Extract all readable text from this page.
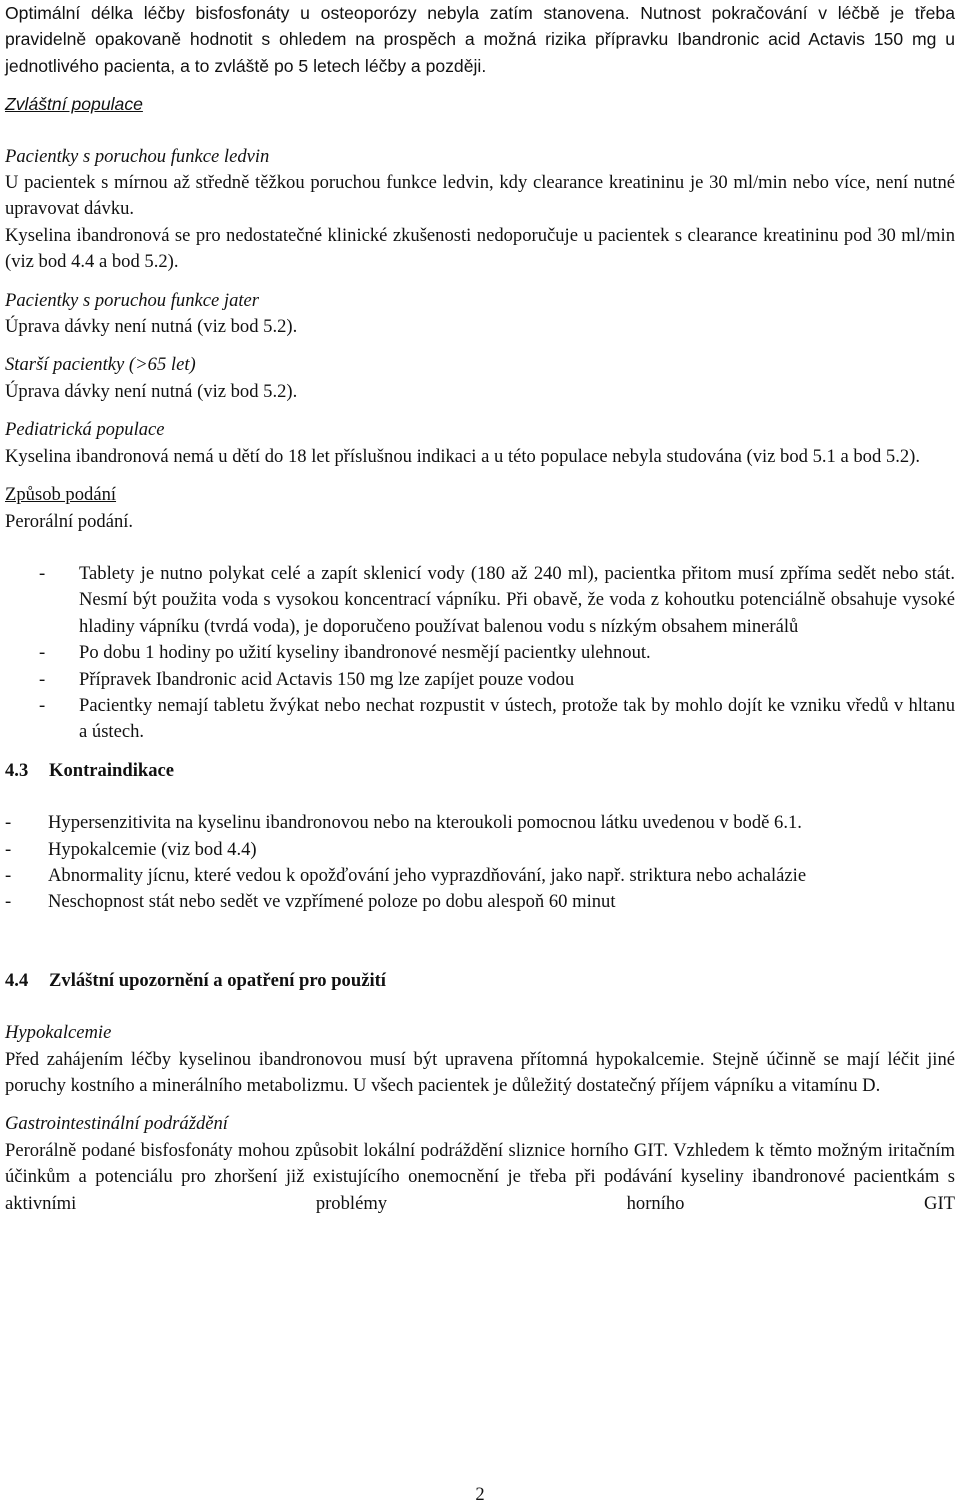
Optimální délka léčby bisfosfonáty u osteoporózy nebyla zatím stanovena. Nutnost pokračování v léčbě je třeba pravidelně opakovaně hodnotit s ohledem na prospěch a možná rizika přípravku Ibandronic acid Actavis 150 mg u jednotlivého pacienta, a to zvláště po 5 letech léčby a později.

Zvláštní populace

Pacientky s poruchou funkce ledvin

U pacientek s mírnou až středně těžkou poruchou funkce ledvin, kdy clearance kreatininu je 30 ml/min nebo více, není nutné upravovat dávku.

Kyselina ibandronová se pro nedostatečné klinické zkušenosti nedoporučuje u pacientek s clearance kreatininu pod 30 ml/min (viz bod 4.4 a bod 5.2).

Pacientky s poruchou funkce jater

Úprava dávky není nutná (viz bod 5.2).

Starší pacientky (>65 let)

Úprava dávky není nutná (viz bod 5.2).

Pediatrická populace

Kyselina ibandronová nemá u dětí do 18 let příslušnou indikaci a u této populace nebyla studována (viz bod 5.1 a bod 5.2).

Způsob podání

Perorální podání.

- Tablety je nutno polykat celé a zapít sklenicí vody (180 až 240 ml), pacientka přitom musí zpříma sedět nebo stát. Nesmí být použita voda s vysokou koncentrací vápníku. Při obavě, že voda z kohoutku potenciálně obsahuje vysoké hladiny vápníku (tvrdá voda), je doporučeno používat balenou vodu s nízkým obsahem minerálů
- Po dobu 1 hodiny po užití kyseliny ibandronové nesmějí pacientky ulehnout.
- Přípravek Ibandronic acid Actavis 150 mg lze zapíjet pouze vodou
- Pacientky nemají tabletu žvýkat nebo nechat rozpustit v ústech, protože tak by mohlo dojít ke vzniku vředů v hltanu a ústech.
4.3 Kontraindikace
- Hypersenzitivita na kyselinu ibandronovou nebo na kteroukoli pomocnou látku uvedenou v bodě 6.1.
- Hypokalcemie (viz bod 4.4)
- Abnormality jícnu, které vedou k opožďování jeho vyprazdňování, jako např. striktura nebo achalázie
- Neschopnost stát nebo sedět ve vzpřímené poloze po dobu alespoň 60 minut
4.4 Zvláštní upozornění a opatření pro použití

Hypokalcemie

Před zahájením léčby kyselinou ibandronovou musí být upravena přítomná hypokalcemie. Stejně účinně se mají léčit jiné poruchy kostního a minerálního metabolizmu. U všech pacientek je důležitý dostatečný příjem vápníku a vitamínu D.

Gastrointestinální podráždění

Perorálně podané bisfosfonáty mohou způsobit lokální podráždění sliznice horního GIT. Vzhledem k těmto možným iritačním účinkům a potenciálu pro zhoršení již existujícího onemocnění je třeba při podávání kyseliny ibandronové pacientkám s aktivními problémy horního GIT

2
